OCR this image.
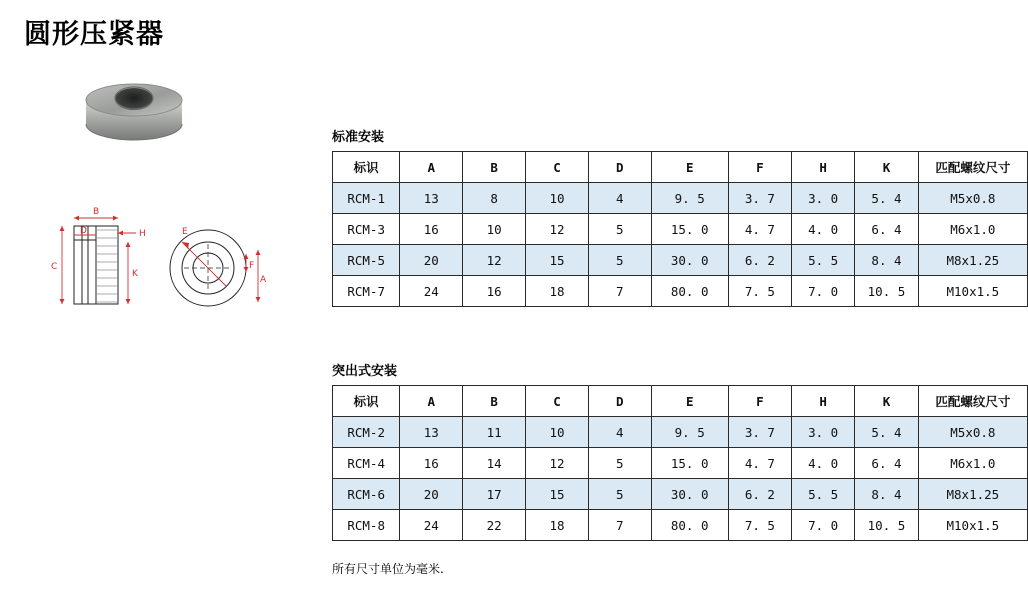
圆形压紧器
B
D	H
C
K
E
F
A
标准安装
标识	A	B	C	D	E	F	H	K	匹配螺纹尺寸
RCM-1	13	8	10	4	9. 5	3. 7	3. 0	5. 4	M5x0.8
RCM-3	16	10	12	5	15. 0	4. 7	4. 0	6. 4	M6x1.0
RCM-5	20	12	15	5	30. 0	6. 2	5. 5	8. 4	M8x1.25
RCM-7	24	16	18	7	80. 0	7. 5	7. 0	10. 5	M10x1.5
突出式安装
标识	A	B	C	D	E	F	H	K	匹配螺纹尺寸
RCM-2	13	11	10	4	9. 5	3. 7	3. 0	5. 4	M5x0.8
RCM-4	16	14	12	5	15. 0	4. 7	4. 0	6. 4	M6x1.0
RCM-6	20	17	15	5	30. 0	6. 2	5. 5	8. 4	M8x1.25
RCM-8	24	22	18	7	80. 0	7. 5	7. 0	10. 5	M10x1.5
所有尺寸单位为毫米.
